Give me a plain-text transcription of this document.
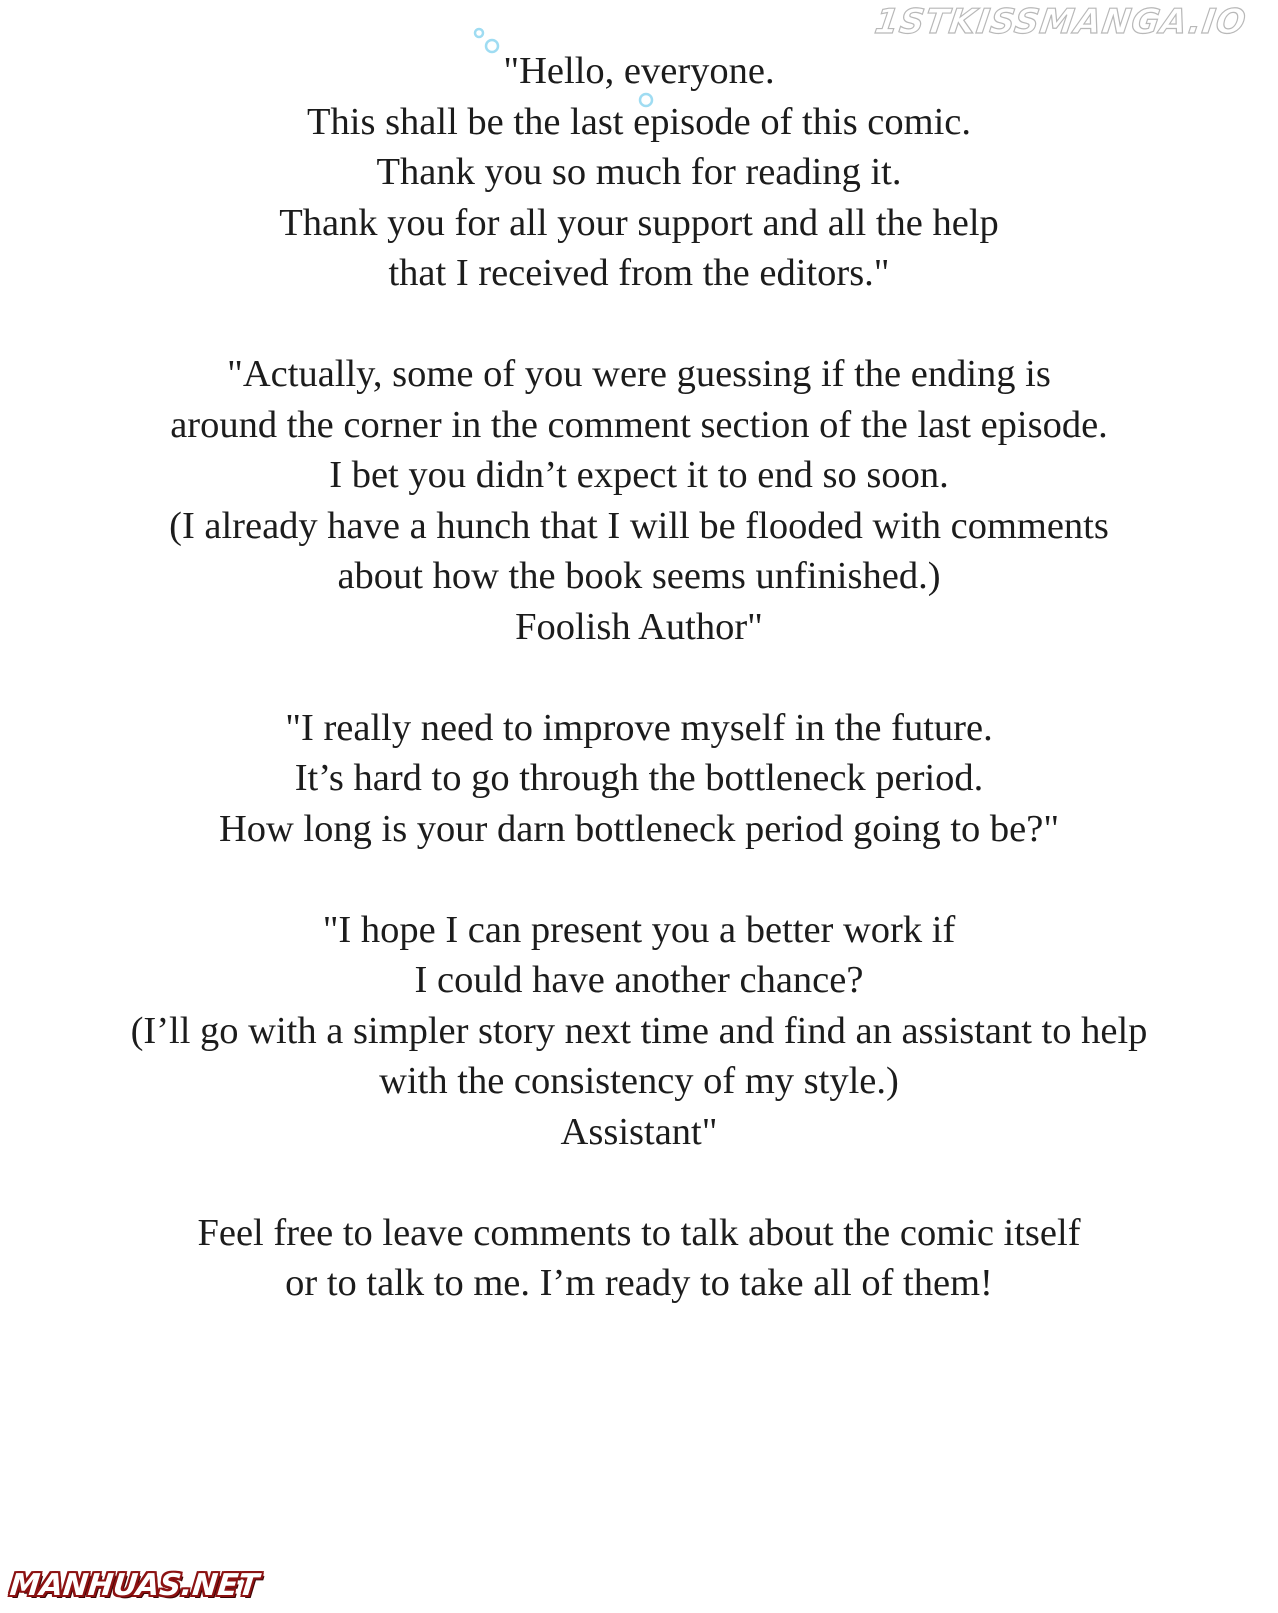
1STKISSMANGA.IO

"Hello, everyone.
This shall be the last episode of this comic.
Thank you so much for reading it.
Thank you for all your support and all the help
that I received from the editors."

"Actually, some of you were guessing if the ending is
around the corner in the comment section of the last episode.
I bet you didn’t expect it to end so soon.
(I already have a hunch that I will be flooded with comments
about how the book seems unfinished.)
Foolish Author"

"I really need to improve myself in the future.
It’s hard to go through the bottleneck period.
How long is your darn bottleneck period going to be?"

"I hope I can present you a better work if
I could have another chance?
(I’ll go with a simpler story next time and find an assistant to help
with the consistency of my style.)
Assistant"

Feel free to leave comments to talk about the comic itself
or to talk to me. I’m ready to take all of them!

MANHUAS.NET
